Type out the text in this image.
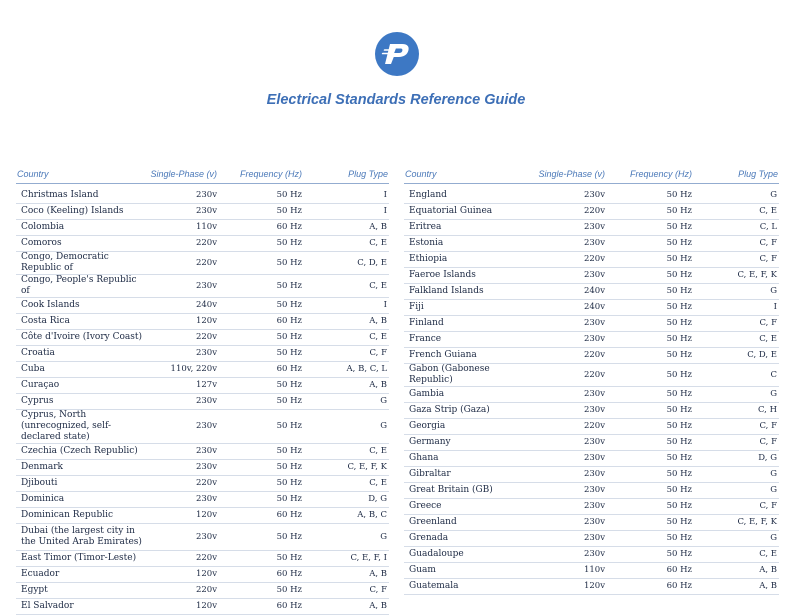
Electrical Standards Reference Guide
Country	Single-Phase (v)	Frequency (Hz)	Plug Type

Christmas Island	230v	50 Hz	I
Coco (Keeling) Islands	230v	50 Hz	I
Colombia	110v	60 Hz	A, B
Comoros	220v	50 Hz	C, E
Congo, Democratic Republic of	220v	50 Hz	C, D, E
Congo, People's Republic of	230v	50 Hz	C, E
Cook Islands	240v	50 Hz	I
Costa Rica	120v	60 Hz	A, B
Côte d'Ivoire (Ivory Coast)	220v	50 Hz	C, E
Croatia	230v	50 Hz	C, F
Cuba	110v, 220v	60 Hz	A, B, C, L
Curaçao	127v	50 Hz	A, B
Cyprus	230v	50 Hz	G
Cyprus, North (unrecognized, self-declared state)	230v	50 Hz	G
Czechia (Czech Republic)	230v	50 Hz	C, E
Denmark	230v	50 Hz	C, E, F, K
Djibouti	220v	50 Hz	C, E
Dominica	230v	50 Hz	D, G
Dominican Republic	120v	60 Hz	A, B, C
Dubai (the largest city in the United Arab Emirates)	230v	50 Hz	G
East Timor (Timor-Leste)	220v	50 Hz	C, E, F, I
Ecuador	120v	60 Hz	A, B
Egypt	220v	50 Hz	C, F
El Salvador	120v	60 Hz	A, B
Country	Single-Phase (v)	Frequency (Hz)	Plug Type

England	230v	50 Hz	G
Equatorial Guinea	220v	50 Hz	C, E
Eritrea	230v	50 Hz	C, L
Estonia	230v	50 Hz	C, F
Ethiopia	220v	50 Hz	C, F
Faeroe Islands	230v	50 Hz	C, E, F, K
Falkland Islands	240v	50 Hz	G
Fiji	240v	50 Hz	I
Finland	230v	50 Hz	C, F
France	230v	50 Hz	C, E
French Guiana	220v	50 Hz	C, D, E
Gabon (Gabonese Republic)	220v	50 Hz	C
Gambia	230v	50 Hz	G
Gaza Strip (Gaza)	230v	50 Hz	C, H
Georgia	220v	50 Hz	C, F
Germany	230v	50 Hz	C, F
Ghana	230v	50 Hz	D, G
Gibraltar	230v	50 Hz	G
Great Britain (GB)	230v	50 Hz	G
Greece	230v	50 Hz	C, F
Greenland	230v	50 Hz	C, E, F, K
Grenada	230v	50 Hz	G
Guadaloupe	230v	50 Hz	C, E
Guam	110v	60 Hz	A, B
Guatemala	120v	60 Hz	A, B
